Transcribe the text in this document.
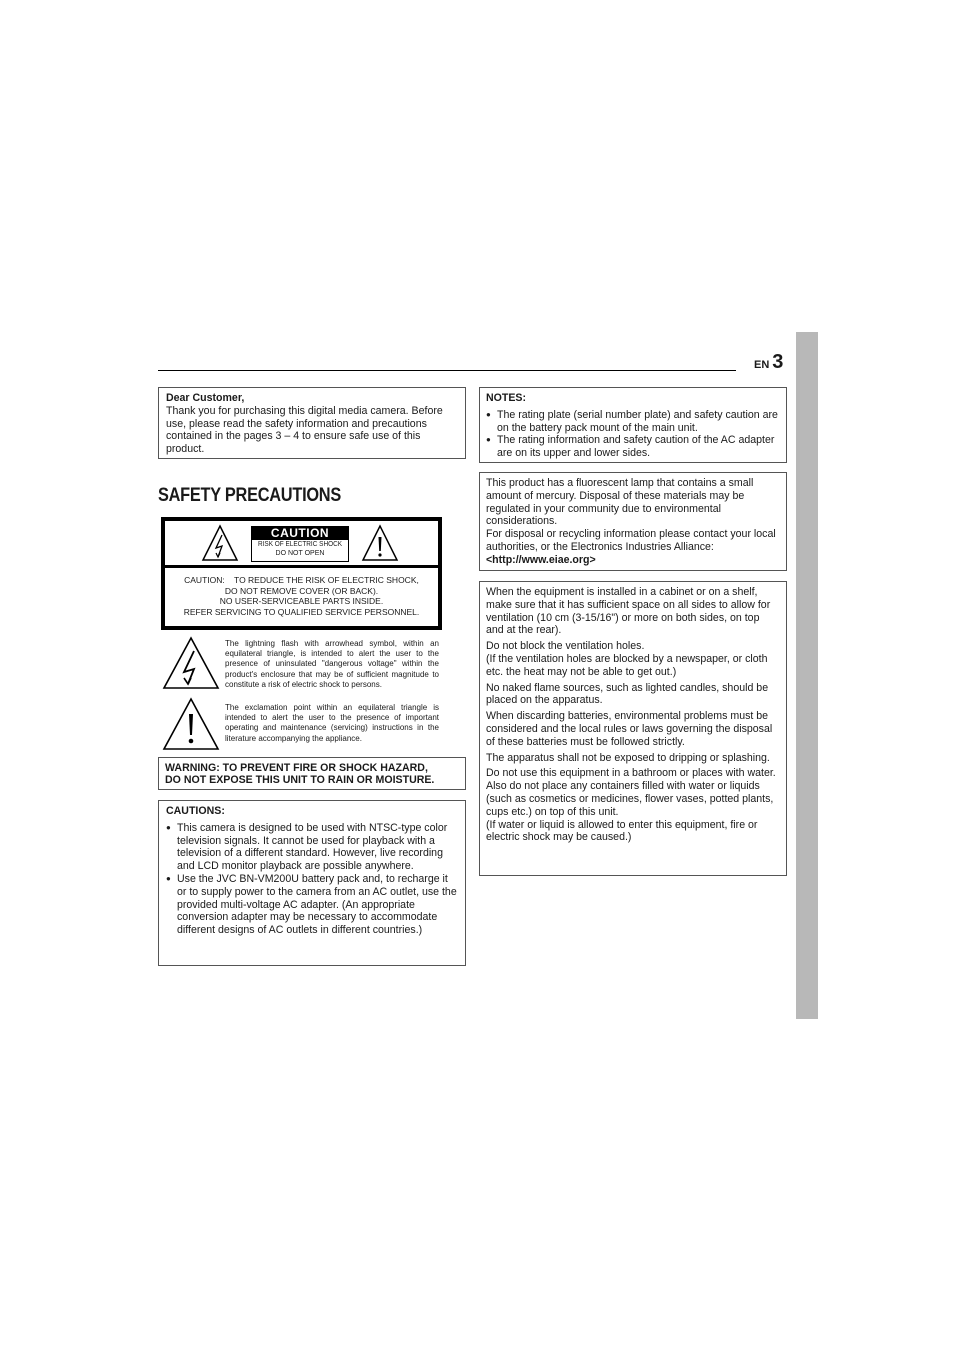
EN 3

Dear Customer,

Thank you for purchasing this digital media camera. Before use, please read the safety information and precautions contained in the pages 3 – 4 to ensure safe use of this product.

SAFETY PRECAUTIONS
CAUTION
RISK OF ELECTRIC SHOCK
DO NOT OPEN
CAUTION:    TO REDUCE THE RISK OF ELECTRIC SHOCK,
DO NOT REMOVE COVER (OR BACK).
NO USER-SERVICEABLE PARTS INSIDE.
REFER SERVICING TO QUALIFIED SERVICE PERSONNEL.
The lightning flash with arrowhead symbol, within an equilateral triangle, is intended to alert the user to the presence of uninsulated "dangerous voltage" within the product's enclosure that may be of sufficient magnitude to constitute a risk of electric shock to persons.
The exclamation point within an equilateral triangle is intended to alert the user to the presence of important operating and maintenance (servicing) instructions in the literature accompanying the appliance.
WARNING: TO PREVENT FIRE OR SHOCK HAZARD,
DO NOT EXPOSE THIS UNIT TO RAIN OR MOISTURE.

CAUTIONS:

● This camera is designed to be used with NTSC-type color television signals. It cannot be used for playback with a television of a different standard. However, live recording and LCD monitor playback are possible anywhere.
● Use the JVC BN-VM200U battery pack and, to recharge it or to supply power to the camera from an AC outlet, use the provided multi-voltage AC adapter. (An appropriate conversion adapter may be necessary to accommodate different designs of AC outlets in different countries.)

NOTES:

● The rating plate (serial number plate) and safety caution are on the battery pack mount of the main unit.
● The rating information and safety caution of the AC adapter are on its upper and lower sides.

This product has a fluorescent lamp that contains a small amount of mercury. Disposal of these materials may be regulated in your community due to environmental considerations.

For disposal or recycling information please contact your local authorities, or the Electronics Industries Alliance:

<http://www.eiae.org>

When the equipment is installed in a cabinet or on a shelf, make sure that it has sufficient space on all sides to allow for ventilation (10 cm (3-15/16") or more on both sides, on top and at the rear).

Do not block the ventilation holes.

(If the ventilation holes are blocked by a newspaper, or cloth etc. the heat may not be able to get out.)

No naked flame sources, such as lighted candles, should be placed on the apparatus.

When discarding batteries, environmental problems must be considered and the local rules or laws governing the disposal of these batteries must be followed strictly.

The apparatus shall not be exposed to dripping or splashing.

Do not use this equipment in a bathroom or places with water.

Also do not place any containers filled with water or liquids (such as cosmetics or medicines, flower vases, potted plants, cups etc.) on top of this unit.

(If water or liquid is allowed to enter this equipment, fire or electric shock may be caused.)
